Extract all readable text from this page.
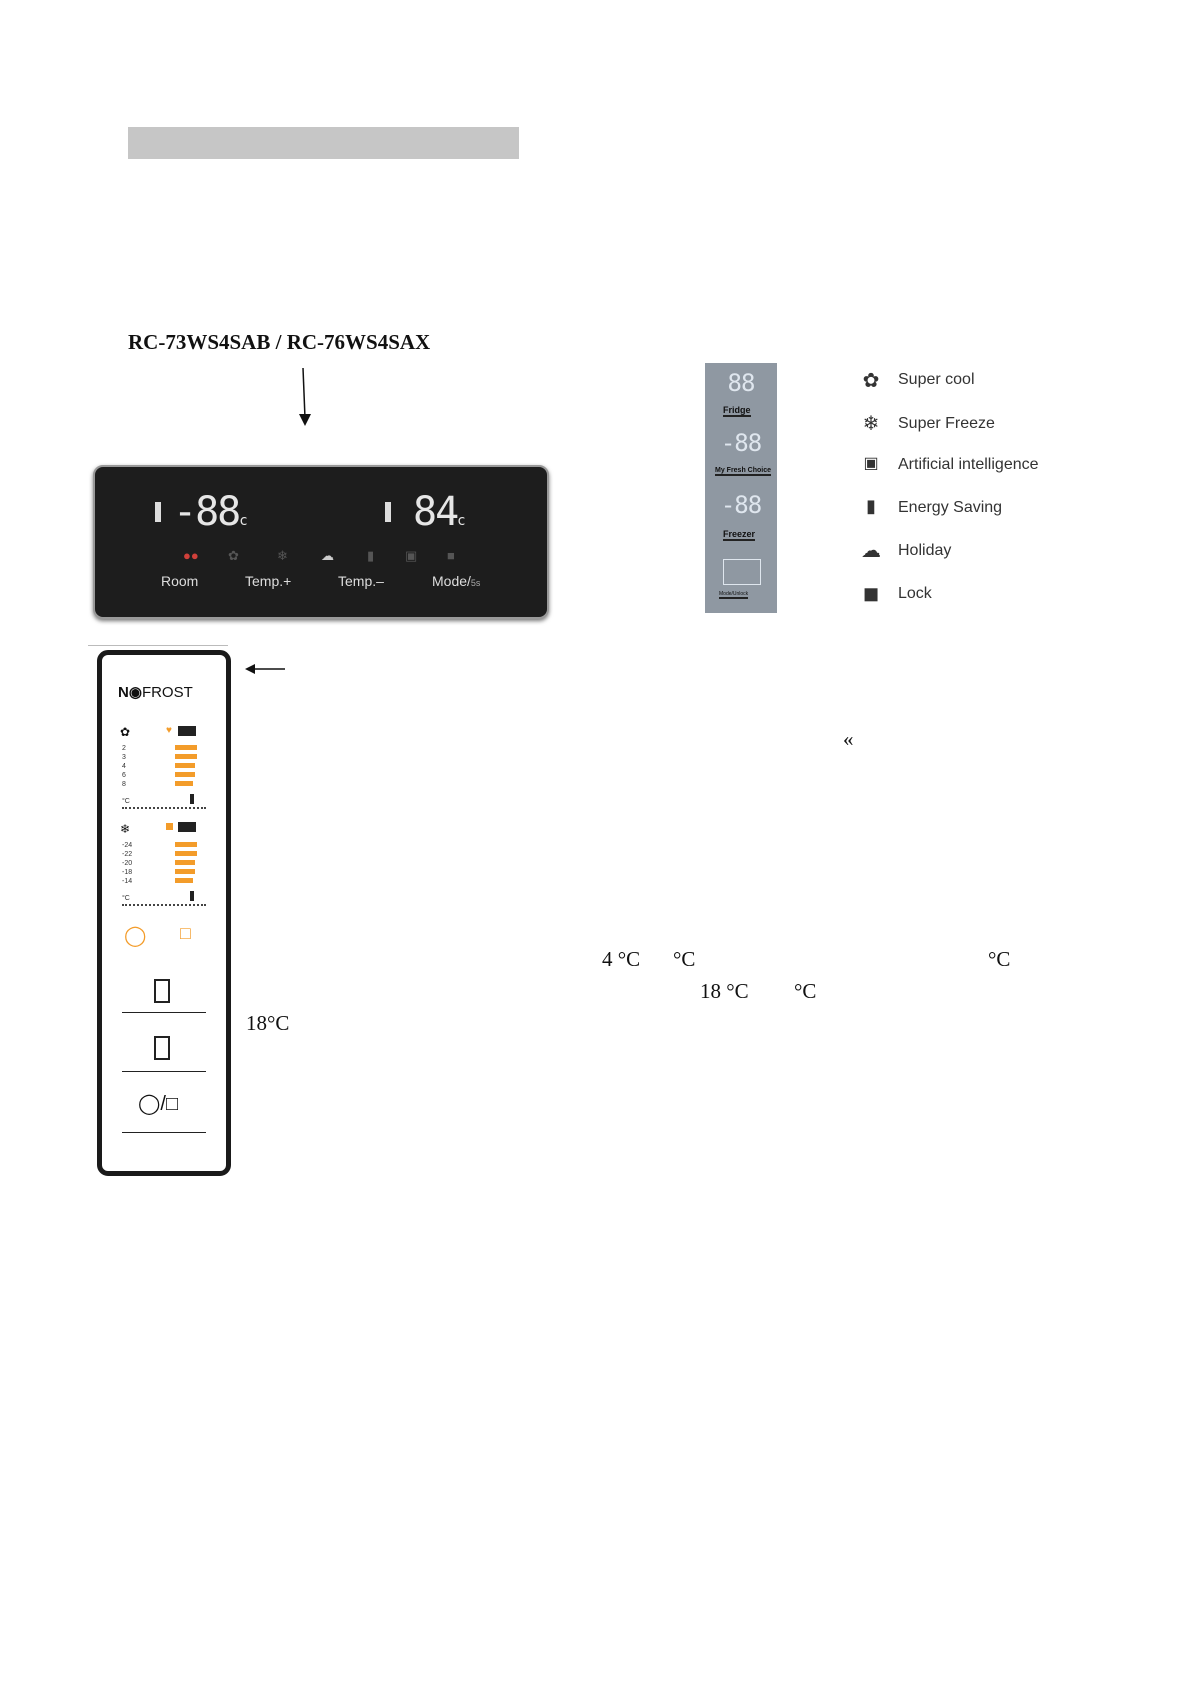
RC-73WS4SAB / RC-76WS4SAX
-88c	84c
●● ✿	❄	☁	▮ ▣ ■
Room	Temp.+	Temp.–	Mode/5s
88
Fridge
-88
My Fresh Choice
-88
Freezer
Mode/Unlock
✿ Super cool
❄ Super Freeze
▣	Artificial intelligence
▮	Energy Saving
☁ Holiday
◼ Lock
N◉FROST
✿	♥
2
3
4
6
8
°C
❄
-24
-22
-20
-18
-14
°C
◯ □
◯/□
«
4 °C °C	°C
18 °C °C
18°C
